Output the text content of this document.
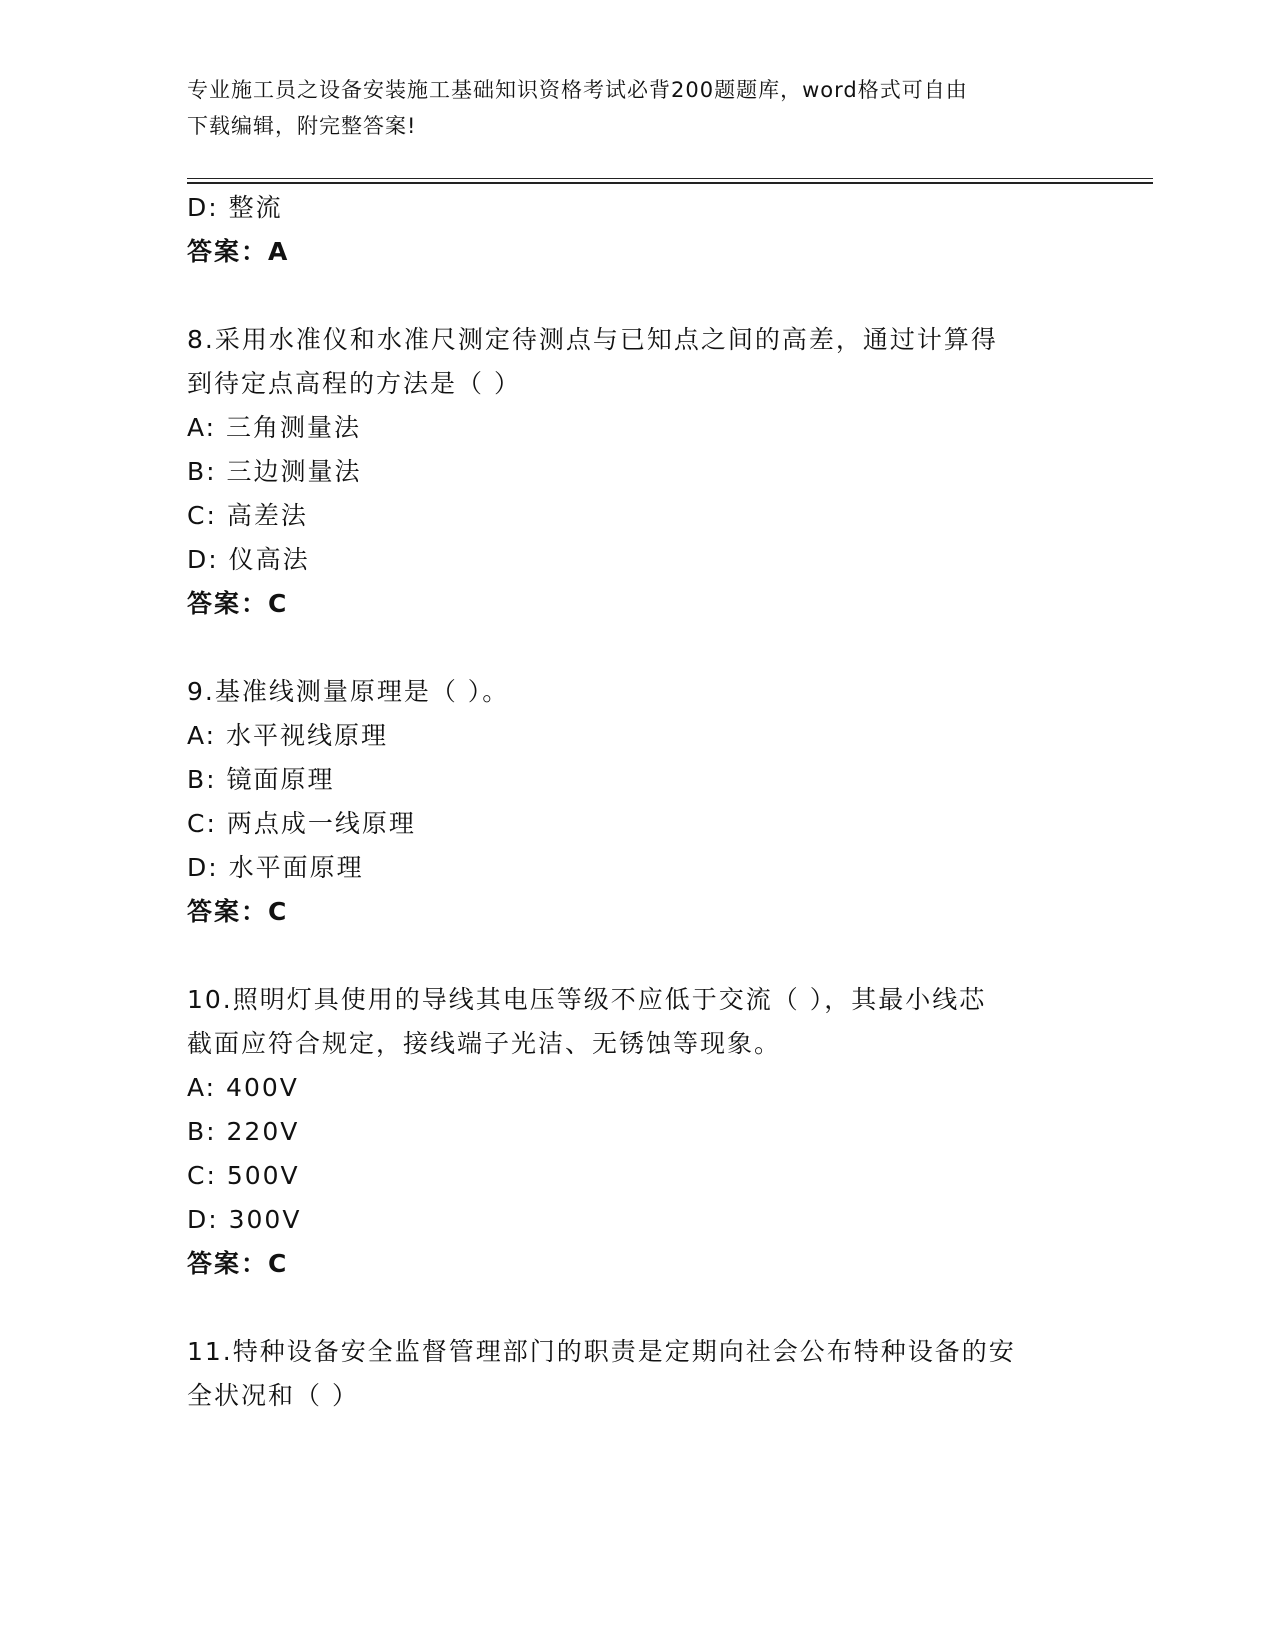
专业施工员之设备安装施工基础知识资格考试必背200题题库，word格式可自由
下载编辑，附完整答案!
D: 整流
答案：A
8.采用水准仪和水准尺测定待测点与已知点之间的高差，通过计算得
到待定点高程的方法是（ ）
A: 三角测量法
B: 三边测量法
C: 高差法
D: 仪高法
答案：C
9.基准线测量原理是（ ）。
A: 水平视线原理
B: 镜面原理
C: 两点成一线原理
D: 水平面原理
答案：C
10.照明灯具使用的导线其电压等级不应低于交流（ ），其最小线芯
截面应符合规定，接线端子光洁、无锈蚀等现象。
A: 400V
B: 220V
C: 500V
D: 300V
答案：C
11.特种设备安全监督管理部门的职责是定期向社会公布特种设备的安
全状况和（ ）
